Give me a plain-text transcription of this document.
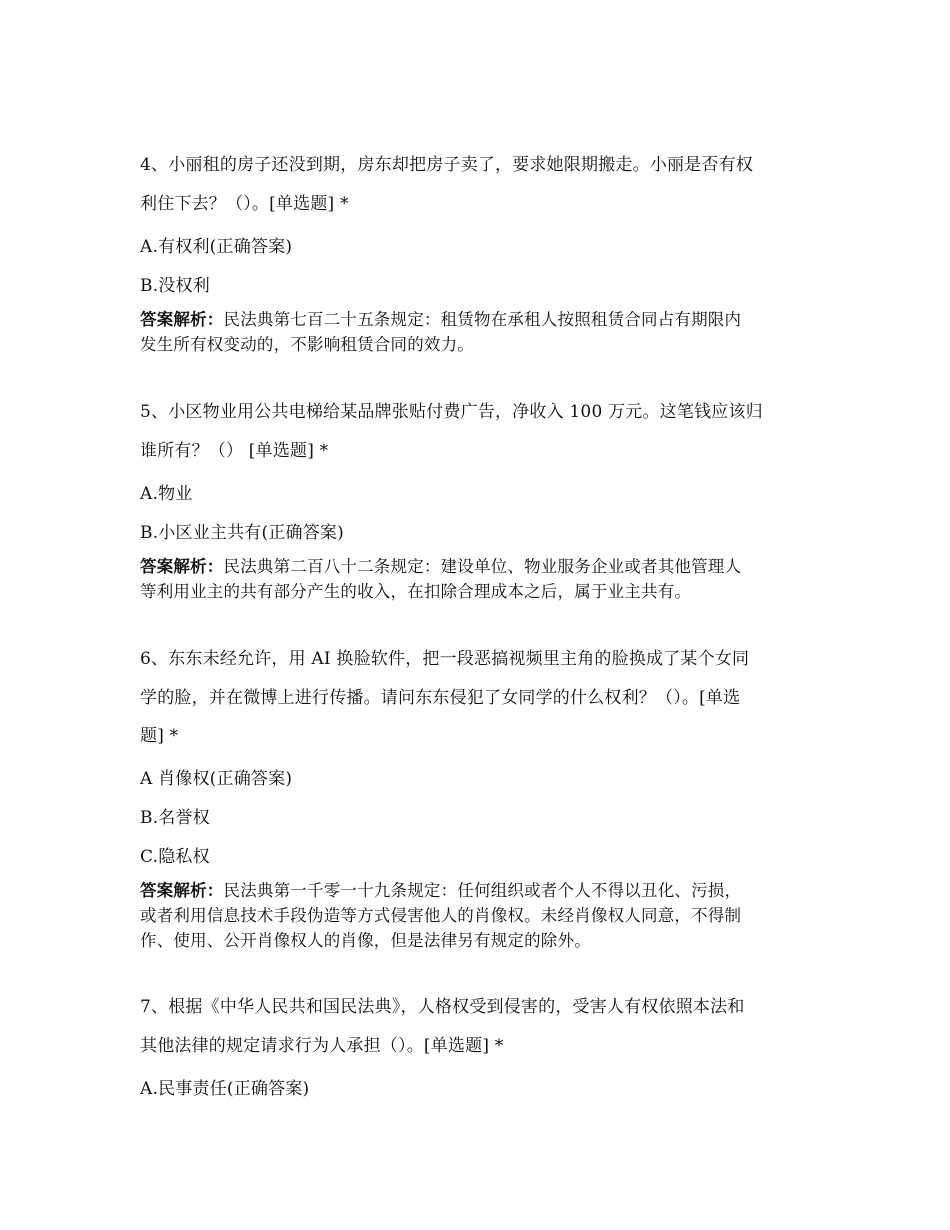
4、小丽租的房子还没到期，房东却把房子卖了，要求她限期搬走。小丽是否有权
利住下去？（）。[单选题] *
A.有权利(正确答案)
B.没权利
答案解析：民法典第七百二十五条规定：租赁物在承租人按照租赁合同占有期限内
发生所有权变动的，不影响租赁合同的效力。
5、小区物业用公共电梯给某品牌张贴付费广告，净收入 100 万元。这笔钱应该归
谁所有？（） [单选题] *
A.物业
B.小区业主共有(正确答案)
答案解析：民法典第二百八十二条规定：建设单位、物业服务企业或者其他管理人
等利用业主的共有部分产生的收入，在扣除合理成本之后，属于业主共有。
6、东东未经允许，用 AI 换脸软件，把一段恶搞视频里主角的脸换成了某个女同
学的脸，并在微博上进行传播。请问东东侵犯了女同学的什么权利？（）。[单选
题] *
A 肖像权(正确答案)
B.名誉权
C.隐私权
答案解析：民法典第一千零一十九条规定：任何组织或者个人不得以丑化、污损，
或者利用信息技术手段伪造等方式侵害他人的肖像权。未经肖像权人同意，不得制
作、使用、公开肖像权人的肖像，但是法律另有规定的除外。
7、根据《中华人民共和国民法典》，人格权受到侵害的，受害人有权依照本法和
其他法律的规定请求行为人承担（）。[单选题] *
A.民事责任(正确答案)
